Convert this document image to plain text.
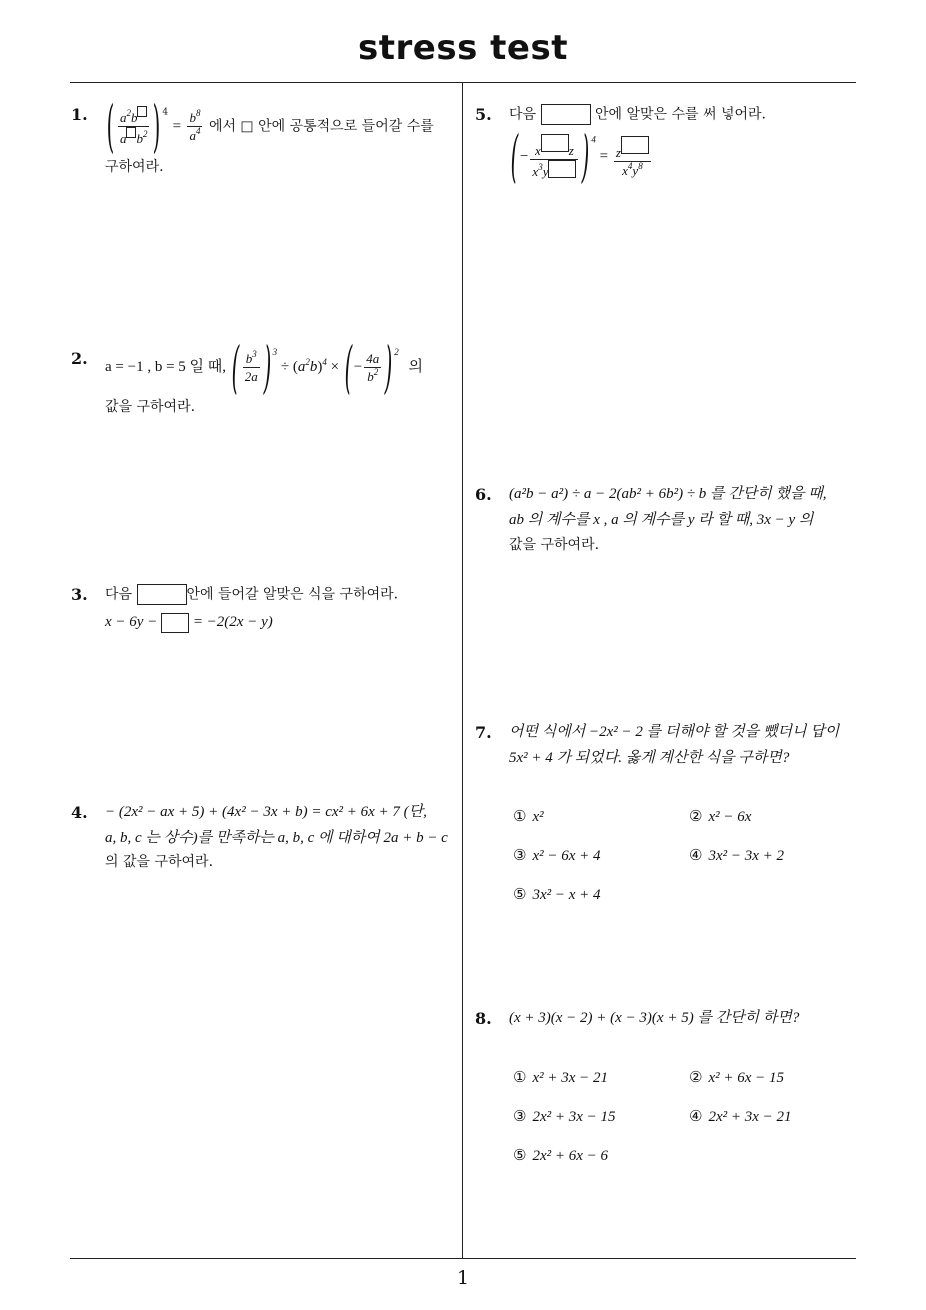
stress test
1
1. ( $\frac{a^2b}{a b^2}$ ) $^4 = \frac{b^8}{a^4}$ 에서 □ 안에 공통적으로 들어갈 수를
구하여라.
2. a = −1 , b = 5 일 때, ( $\frac{b^3}{2a}$ ) $^3 \div (a^2b)^4$ × ( − $\frac{4a}{b^2}$ ) $^2$ 의
값을 구하여라.
3. 다음	안에 들어갈 알맞은 식을 구하여라.
x − 6y − = −2(2x − y)
4. − (2x² − ax + 5) + (4x² − 3x + b) = cx² + 6x + 7 (단,
a, b, c 는 상수)를 만족하는 a, b, c 에 대하여 2a + b − c
의 값을 구하여라.
5. 다음	안에 알맞은 수를 써 넣어라.
( − $\frac{\text{x z}}{x^3y}$ ) $^4 = \frac{z}{x^4y^8}$
6. (a²b − a²) ÷ a − 2(ab² + 6b²) ÷ b 를 간단히 했을 때,
ab 의 계수를 x , a 의 계수를 y 라 할 때, 3x − y 의
값을 구하여라.
7. 어떤 식에서 −2x² − 2 를 더해야 할 것을 뺐더니 답이
5x² + 4 가 되었다. 옳게 계산한 식을 구하면?
① x²	② x² − 6x
③ x² − 6x + 4	④ 3x² − 3x + 2
⑤ 3x² − x + 4
8. (x + 3)(x − 2) + (x − 3)(x + 5) 를 간단히 하면?
① x² + 3x − 21	② x² + 6x − 15
③ 2x² + 3x − 15	④ 2x² + 3x − 21
⑤ 2x² + 6x − 6
